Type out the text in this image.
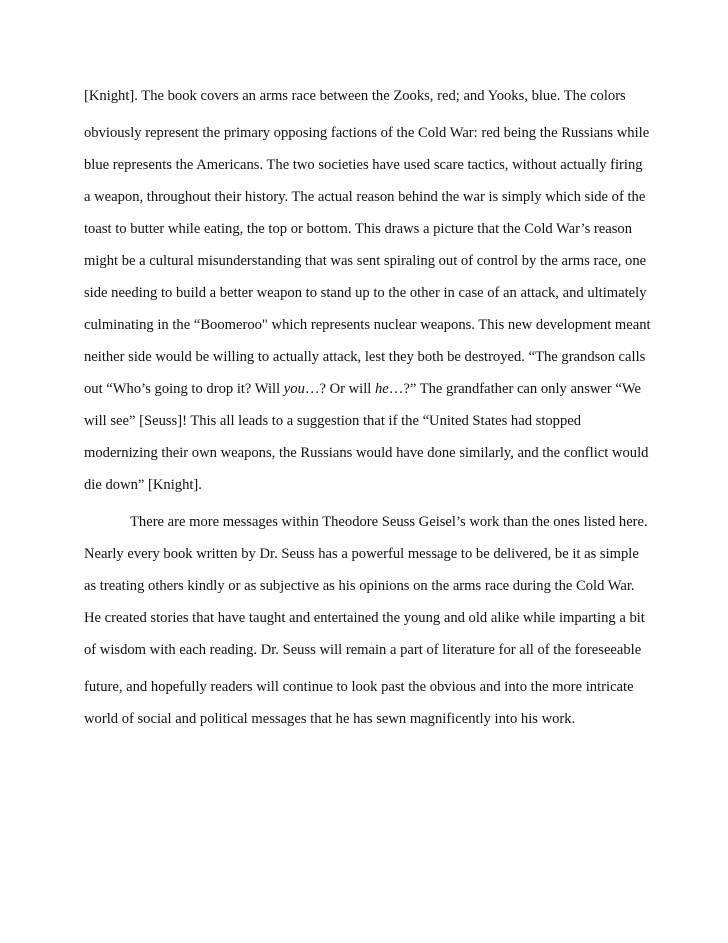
[Knight]. The book covers an arms race between the Zooks, red; and Yooks, blue. The colors
obviously represent the primary opposing factions of the Cold War: red being the Russians while
blue represents the Americans. The two societies have used scare tactics, without actually firing
a weapon, throughout their history. The actual reason behind the war is simply which side of the
toast to butter while eating, the top or bottom. This draws a picture that the Cold War’s reason
might be a cultural misunderstanding that was sent spiraling out of control by the arms race, one
side needing to build a better weapon to stand up to the other in case of an attack, and ultimately
culminating in the “Boomeroo" which represents nuclear weapons. This new development meant
neither side would be willing to actually attack, lest they both be destroyed. “The grandson calls
out “Who’s going to drop it? Will you…? Or will he…?” The grandfather can only answer “We
will see” [Seuss]! This all leads to a suggestion that if the “United States had stopped
modernizing their own weapons, the Russians would have done similarly, and the conflict would
die down” [Knight].
There are more messages within Theodore Seuss Geisel’s work than the ones listed here.
Nearly every book written by Dr. Seuss has a powerful message to be delivered, be it as simple
as treating others kindly or as subjective as his opinions on the arms race during the Cold War.
He created stories that have taught and entertained the young and old alike while imparting a bit
of wisdom with each reading. Dr. Seuss will remain a part of literature for all of the foreseeable
future, and hopefully readers will continue to look past the obvious and into the more intricate
world of social and political messages that he has sewn magnificently into his work.
